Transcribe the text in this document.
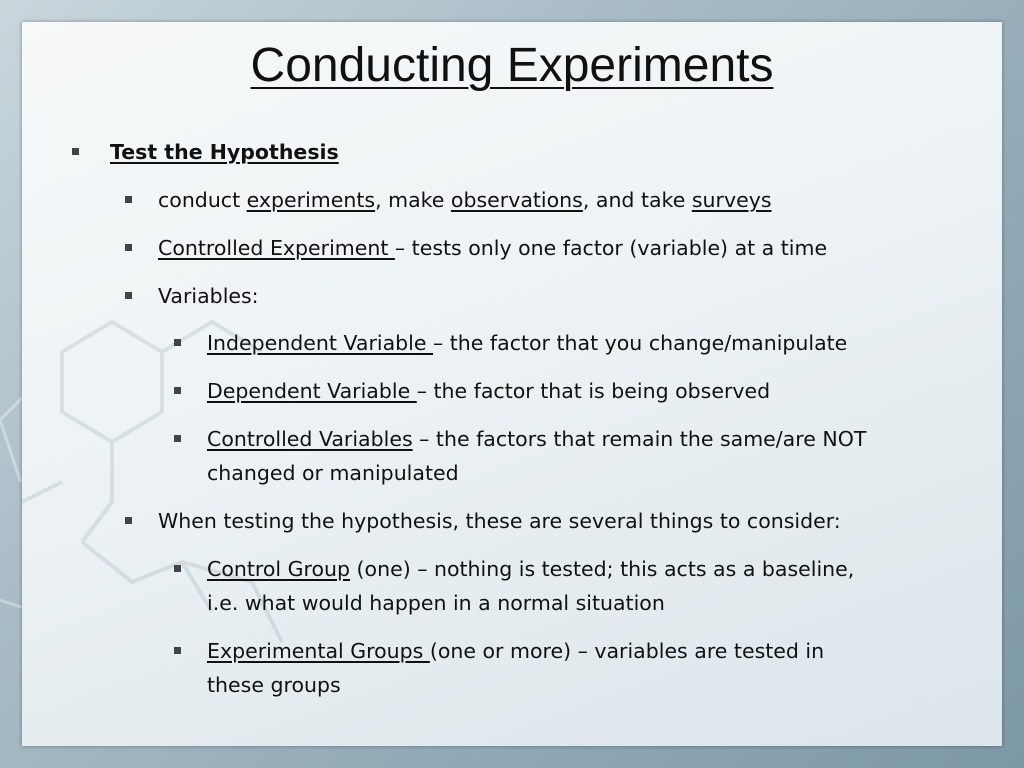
Conducting Experiments
Test the Hypothesis
conduct experiments, make observations, and take surveys
Controlled Experiment – tests only one factor (variable) at a time
Variables:
Independent Variable – the factor that you change/manipulate
Dependent Variable – the factor that is being observed
Controlled Variables – the factors that remain the same/are NOT
changed or manipulated
When testing the hypothesis, these are several things to consider:
Control Group (one) – nothing is tested; this acts as a baseline,
i.e. what would happen in a normal situation
Experimental Groups (one or more) – variables are tested in
these groups
